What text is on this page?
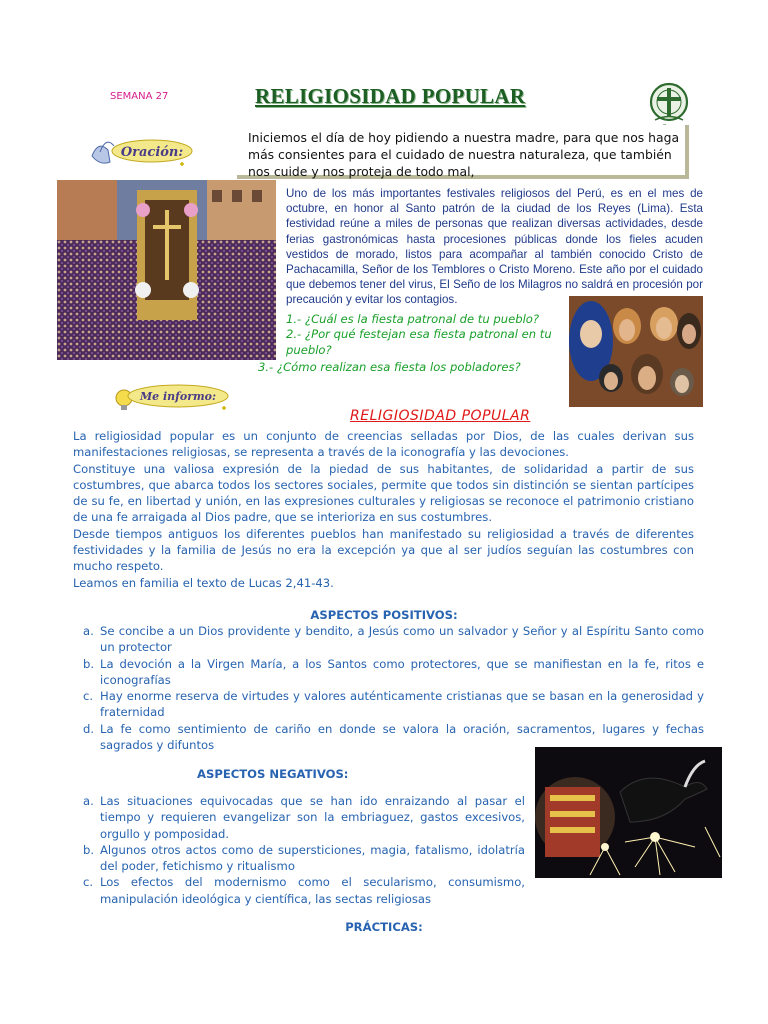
SEMANA 27	RELIGIOSIDAD POPULAR
Oración:
Iniciemos el día de hoy pidiendo a nuestra madre, para que nos haga más consientes para el cuidado de nuestra naturaleza, que también nos cuide y nos proteja de todo mal,
Uno de los más importantes festivales religiosos del Perú, es en el mes de octubre, en honor al Santo patrón de la ciudad de los Reyes (Lima). Esta festividad reúne a miles de personas que realizan diversas actividades, desde ferias gastronómicas hasta procesiones públicas donde los fieles acuden vestidos de morado, listos para acompañar al también conocido Cristo de Pachacamilla, Señor de los Temblores o Cristo Moreno. Este año por el cuidado que debemos tener del virus, El Seño de los Milagros no saldrá en procesión por precaución y evitar los contagios.
1.- ¿Cuál es la fiesta patronal de tu pueblo?
2.- ¿Por qué festejan esa fiesta patronal en tu pueblo?
3.- ¿Cómo realizan esa fiesta los pobladores?
Me informo:
RELIGIOSIDAD POPULAR

La religiosidad popular es un conjunto de creencias selladas por Dios, de las cuales derivan sus manifestaciones religiosas, se representa a través de la iconografía y las devociones.

Constituye una valiosa expresión de la piedad de sus habitantes, de solidaridad a partir de sus costumbres, que abarca todos los sectores sociales, permite que todos sin distinción se sientan partícipes de su fe, en libertad y unión, en las expresiones culturales y religiosas se reconoce el patrimonio cristiano de una fe arraigada al Dios padre, que se interioriza en sus costumbres.

Desde tiempos antiguos los diferentes pueblos han manifestado su religiosidad a través de diferentes festividades y la familia de Jesús no era la excepción ya que al ser judíos seguían las costumbres con mucho respeto.

Leamos en familia el texto de Lucas 2,41-43.

ASPECTOS POSITIVOS:
a. Se concibe a un Dios providente y bendito, a Jesús como un salvador y Señor y al Espíritu Santo como un protector
b. La devoción a la Virgen María, a los Santos como protectores, que se manifiestan en la fe, ritos e iconografías
c. Hay enorme reserva de virtudes y valores auténticamente cristianas que se basan en la generosidad y fraternidad
d. La fe como sentimiento de cariño en donde se valora la oración, sacramentos, lugares y fechas sagrados y difuntos
ASPECTOS NEGATIVOS:
a. Las situaciones equivocadas que se han ido enraizando al pasar el tiempo y requieren evangelizar son la embriaguez, gastos excesivos, orgullo y pomposidad.
b. Algunos otros actos como de supersticiones, magia, fatalismo, idolatría del poder, fetichismo y ritualismo
c. Los efectos del modernismo como el secularismo, consumismo, manipulación ideológica y científica, las sectas religiosas
PRÁCTICAS:
